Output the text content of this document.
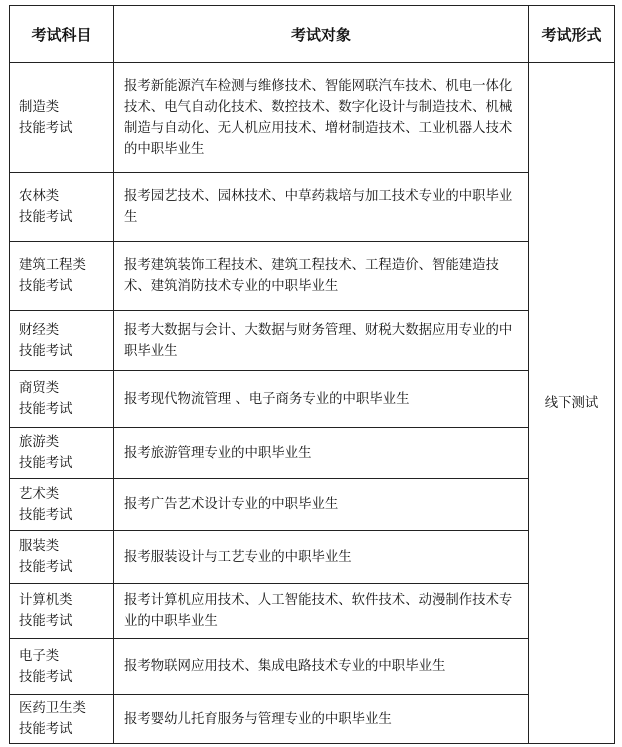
考试科目	考试对象	考试形式

制造类
技能考试	报考新能源汽车检测与维修技术、智能网联汽车技术、机电一体化技术、电气自动化技术、数控技术、数字化设计与制造技术、机械制造与自动化、无人机应用技术、增材制造技术、工业机器人技术的中职毕业生	线下测试

农林类
技能考试	报考园艺技术、园林技术、中草药栽培与加工技术专业的中职毕业生	

建筑工程类
技能考试	报考建筑装饰工程技术、建筑工程技术、工程造价、智能建造技术、建筑消防技术专业的中职毕业生	

财经类
技能考试	报考大数据与会计、大数据与财务管理、财税大数据应用专业的中职毕业生	

商贸类
技能考试	报考现代物流管理 、电子商务专业的中职毕业生	

旅游类
技能考试	报考旅游管理专业的中职毕业生	

艺术类
技能考试	报考广告艺术设计专业的中职毕业生	

服装类
技能考试	报考服装设计与工艺专业的中职毕业生	

计算机类
技能考试	报考计算机应用技术、人工智能技术、软件技术、动漫制作技术专业的中职毕业生	

电子类
技能考试	报考物联网应用技术、集成电路技术专业的中职毕业生	

医药卫生类
技能考试	报考婴幼儿托育服务与管理专业的中职毕业生	
